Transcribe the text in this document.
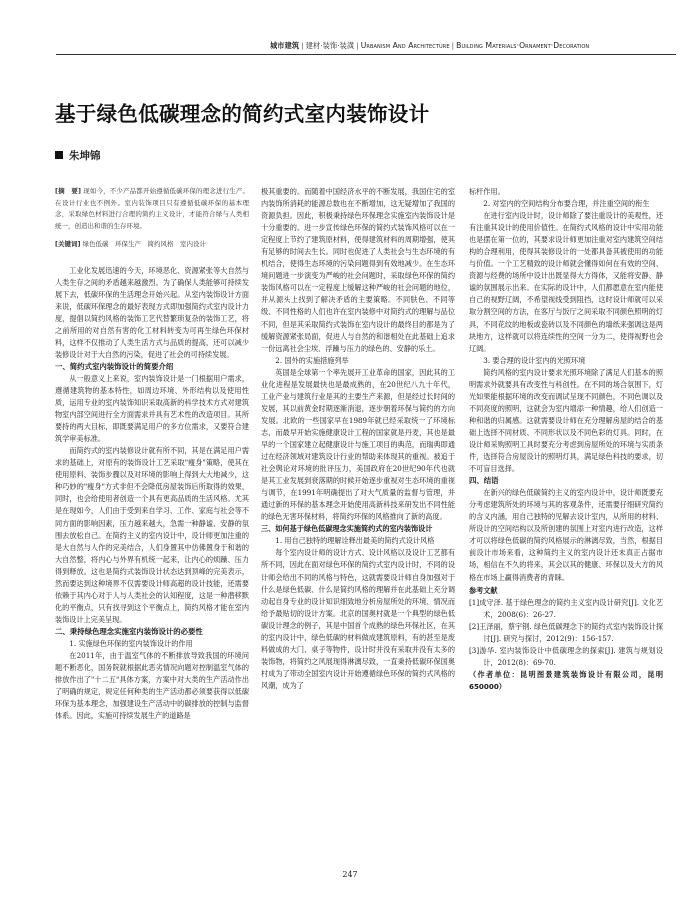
城市建筑 | 建材·装饰·装潢 | Urbanism And Architecture | Building Materials·Ornament·Decoration
基于绿色低碳理念的简约式室内装饰设计
朱坤锦
[摘　要] 现如今，不少产品都开始遵循低碳环保的理念进行生产。在设计行业也不例外。室内装饰项目只有遵循低碳环保的基本理念，采取绿色材料进行合理的简约主义设计，才能符合绿与人类相统一，创造出和谐的生存环境。
[关键词] 绿色低碳　环保生产　简约风格　室内设计
工业化发展迅速的今天，环境恶化、资源紧张等大自然与人类生存之间的矛盾越来越激烈。为了确保人类能够可持续发展下去，低碳环保的生活理念开始兴起。从室内装饰设计方面来说，低碳环保理念的最好表现方式即加强简约式室内设计力度，提倡以简约风格的装饰工艺代替繁琐复杂的装饰工艺，将之前所用的对自然有害的化工材料转变为可再生绿色环保材料，这样不仅推动了人类生活方式与品质的提高，还可以减少装修设计对于大自然的污染，促进了社会的可持续发展。
一、简约式室内装饰设计的简要介绍
从一般意义上来说，室内装饰设计是一门根据用户需求，遵循建筑物的基本特性，如周边环境、外形结构以及使用性质，运用专业的室内装饰知识采取高新的科学技术方式对建筑物室内部空间进行全方面需求并具有艺术性的改造项目。其所要持的两大目标，即既要满足用户的多方位需求，又要符合建筑学审美标准。
而简约式的室内装修设计就有所不同，其是在满足用户需求的基础上，对原有的装饰设计工艺采取"瘦身"策略，使其在使用原料、装饰步骤以及对环境的影响上得到大大地减少，这种巧妙的"瘦身"方式非但不会降低房屋装饰后所取得的效果，同时，也会给使用者创造一个具有更高品质的生活风格。尤其是在现如今，人们由于受到来自学习、工作、家庭与社会等不同方面的影响因素，压力越来越大，急需一种静谧、安静的氛围去放松自己。在简约主义的室内设计中，设计师更加注重的是大自然与人作的完美结合，人们身置其中仿佛置身于和谐的大自然整，将内心与外界有机统一起来，让内心的烦躁、压力得到释放。这也是简约式装饰设计状态达到顶峰的完美表示，然而要达到这种境界不仅需要设计师高超的设计技能，还需要依赖于其内心对于人与人类社会的认知程度，这是一种潜移默化的平衡点，只有找寻到这个平衡点上，简约风格才能在室内装饰设计上完美呈现。
二、秉持绿色理念实施室内装饰设计的必要性
1. 实施绿色环保的室内装饰设计的作用
在2011年，由于温室气体的不断排放导致我国的环境问题不断恶化，国务院就根据此恶劣情况向题对控制温室气体的排放作出了"十二五"具体方案，方案中对大类的生产活动作出了明确的规定，规定任何种类的生产活动都必须要获得以低碳环保为基本理念，加强建设生产活动中的碳排放的控制与监督体系。因此，实施可持续发展生产的道路是
极其重要的。而随着中国经济水平的不断发展，我国住宅的室内装饰所消耗的能源总数也在不断增加，这无疑增加了我国的资源负担。因此，积极秉持绿色环保理念实施室内装饰设计是十分重要的。进一步宣传绿色环保的简约式装饰风格可以在一定程度上节约了建筑原材料，使得建筑材料的周期增强，使其有足够的时间去生长。同时也促进了人类社会与生态环境的有机结合，使得生态环境的污染问题得到有效地减少。在生态环境问题进一步演变为严峻的社会问题时，采取绿色环保的简约装饰风格可以在一定程度上缓解这种严峻的社会问题的地位，并从源头上找到了解决矛盾的主要策略。不同肤色、不同等级、不同性格的人们也许在室内装修中对简约式的理解与品位不同，但是其采取简约式装饰在室内设计的最终目的都是为了缓解资源紧张局面，促进人与自然的和谐相处在此基础上追求一份远离社会尘埃、浮躁与压力的绿色的、安静的乐土。
2. 国外的实施措施列举
英国是全球第一个率先展开工业革命的国家，因此其的工业化进程是发展最快也是最成熟的，在20世纪八九十年代，工业产业与建筑行业是其的主要生产来源，但是经过长时间的发展，其以前黄金时期逐渐消退，逐步朝着环保与简约的方向发展。北欧的一些国家早在1989年就已经采取统一了环境标志，而最早开始实施健康设计工程的国家就是丹麦，其也是最早的一个国家建立起健康设计与施工项目的典范，而瑞典即通过在经济领域对建筑设计行业的帮助来体现其的重视。被追于社会舆论对环境的批评压力，美国政府在20世纪90年代也就是其工业发展到衰落期的时候开始逐步重视对生态环境的重视与调节，在1991年明确提出了对大气质量的监督与管理，并通过新的环保的基本理念开始使用高新科技来研发出不同性能的绿色无害环保材料，将简约环保的风格推向了新的高度。
三、如何基于绿色低碳理念实施简约式的室内装饰设计
1. 用自己独特的理解诠释出最美的简约式设计风格
每个室内设计师的设计方式、设计风格以及设计工艺都有所不同，因此在面对绿色环保的简约式室内设计时，不同的设计师会给出不同的风格与特色，这就需要设计师自身加强对于什么是绿色低碳、什么是简约风格的理解并在此基础上充分调动起自身专业的设计知识细致地分析房屋所处的环境、情况而给予最贴切的设计方案。北京的国奥村就是一个典型的绿色低碳设计理念的例子，其是中国首个成熟的绿色环保社区，在其的室内设计中，绿色低碳的材料做成建筑原料，有的甚至是废料做成的大门、桌子等物件，设计时并没有采取并没有太多的装饰物，将简约之风展现得淋漓尽致，一直秉持低碳环保国奥村成为了带动全国室内设计开始遵循绿色环保的简约式风格的风潮，成为了
标杆作用。
2. 对室内的空间结构分布要合理，并注重空间的衔生
在进行室内设计时，设计师除了要注重设计的美观性，还有注重其设计的使用价值性。在简约式风格的设计中实用功能也是摆在第一位的，其要求设计师更加注重对室内建筑空间结构的合理利用，使得其装修设计的一处都具备其被使用的功能与价值。一个工艺精致的设计师就会懂得如何在有效的空间、资源与经费的场所中设计出既显得大方得体，又能将安静、静谧的氛围展示出来。在实际的设计中，人们都愿意在室内能使自己的视野辽阔，不希望视线受到阻挡，这时设计师就可以采取分割空间的方法，在客厅与饭厅之间采取不同颜色照明的灯具，不同花纹的地板或瓷砖以及不同颜色的墙纸来强调这是两块地方，这样就可以将连续性的空间一分为二，使得视野也会辽阔。
3. 要合理的设计室内的光照环境
简约风格的室内设计要求光照环境除了满足人们基本的照明需求外就要具有改变性与科创性。在不同的场合氛围下，灯光如果能根据环境的改变而调试呈现不同颜色，不同色调以及不同亮度的照明，这就会为室内增添一种情趣，给人们创造一种和谐的归属感。这就需要设计师在充分理解房屋的结合的基础上选择不同材质、不同形状以及不同色彩的灯具。同时，在设计师采购照明工具时要充分考虑到房屋所处的环境与实质条件，选择符合房屋设计的照明灯具，满足绿色科技的要求，切不可盲目选择。
四、结语
在新兴的绿色低碳简约主义的室内设计中，设计师既要充分考虑建筑所处的环境与其的客观条件，还需要仔细研究简约的含义内涵，用自己独特的见解去设计室内，从所用的材料、所设计的空间结构以及所创建的氛围上对室内进行改造，这样才可以将绿色低碳的简约风格展示的淋漓尽致，当然，根据目前设计市场来看，这种简约主义的室内设计还未真正占据市场，相信在不久的将来，其会以其的健康、环保以及大方的风格在市场上赢得消费者的青睐。
参考文献
[1]成守泽. 基于绿色理念的简约主义室内设计研究[J]. 文化艺术，2008(6)：26-27.
[2]王泽丽，蔡宇钢. 绿色低碳理念下的简约式室内装饰设计探讨[J]. 研究与探讨，2012(9)：156-157.
[3]游华. 室内装饰设计中低碳理念的探索[J]. 建筑与规划设计，2012(8)：69-70.
（作者单位：昆明图景建筑装饰设计有限公司，昆明 650000）
247
